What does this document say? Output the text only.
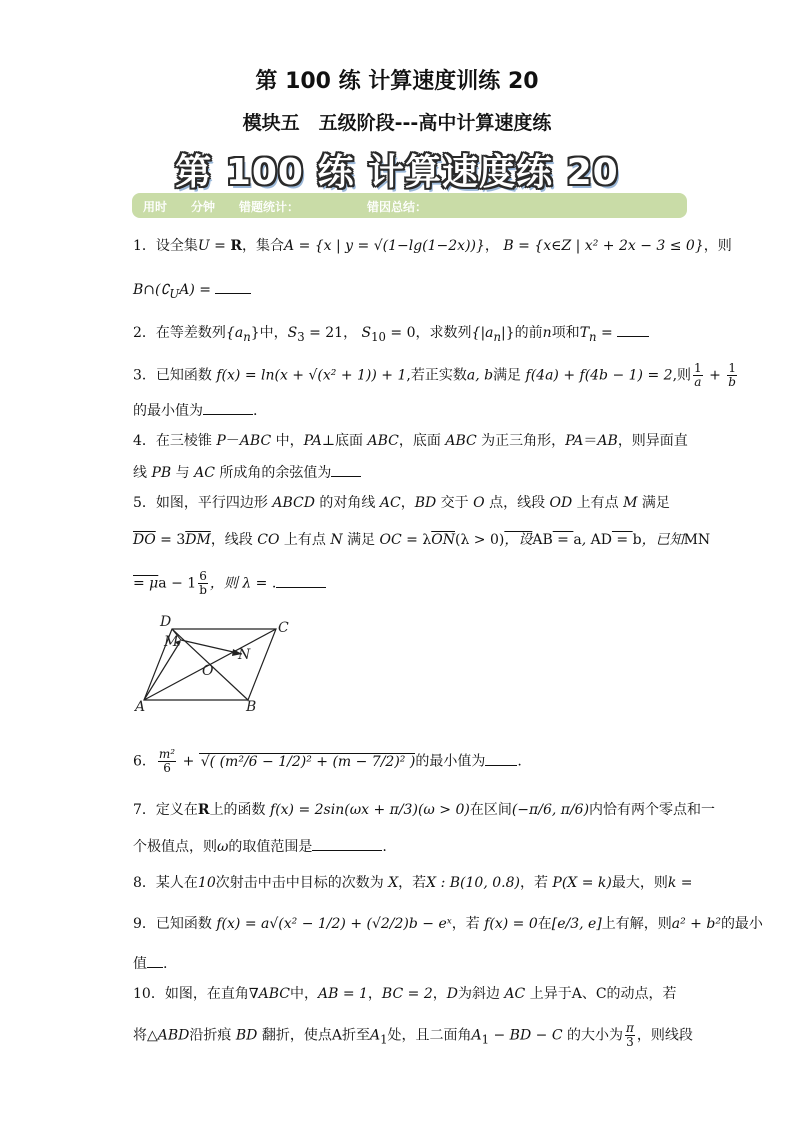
第 100 练 计算速度训练 20
模块五　五级阶段---高中计算速度练
第 100 练 计算速度练 20
用时 分钟 错题统计：	错因总结：
1．设全集U = R，集合A = {x | y = √(1−lg(1−2x))}， B = {x∈Z | x² + 2x − 3 ≤ 0}，则
$B\cap(∁_UA)$ =
2．在等差数列$\{a_n\}$中，$S_3 = 21$， $S_{10} = 0$，求数列$\{|a_n|\}$的前n项和$T_n$ =
3．已知函数 f(x) = ln(x + √(x² + 1)) + 1,若正实数a, b满足 f(4a) + f(4b − 1) = 2,则 $\frac{1}{a} + \frac{1}{b}$
的最小值为	.
4．在三棱锥 P－ABC 中，PA⊥底面 ABC，底面 ABC 为正三角形，PA＝AB，则异面直
线 PB 与 AC 所成角的余弦值为
5．如图，平行四边形 ABCD 的对角线 AC，BD 交于 O 点，线段 OD 上有点 M 满足
$\overline{DO} = 3\overline{DM}$，线段 CO 上有点 N 满足 OC = $\lambda\overline{ON}(\lambda > 0)$，设AB = a, AD = b，已知MN
= $\mu a - 1 \frac{6}{b}$ ，则 λ = .
D	C
M
N
O
A	B
6． $\frac{\text{m²}}{6}$ + √( (m²/6 − 1/2)² + (m − 7/2)² )的最小值为 .
7．定义在R上的函数 f(x) = 2sin(ωx + π/3)(ω > 0)在区间(−π/6, π/6)内恰有两个零点和一
个极值点，则ω的取值范围是	.
8．某人在10次射击中击中目标的次数为 X，若X : B(10, 0.8)，若 P(X = k)最大，则k =
9．已知函数 f(x) = a√(x² − 1/2) + (√2/2)b − eˣ，若 f(x) = 0在[e/3, e]上有解，则a² + b²的最小
值 .
10．如图，在直角∇ABC中，AB = 1，BC = 2，D为斜边 AC 上异于A、C的动点，若
将△ABD沿折痕 BD 翻折，使点A折至$A_1$处，且二面角$A_1$ − BD − C 的大小为 $\frac{\pi}{3}$ ，则线段
